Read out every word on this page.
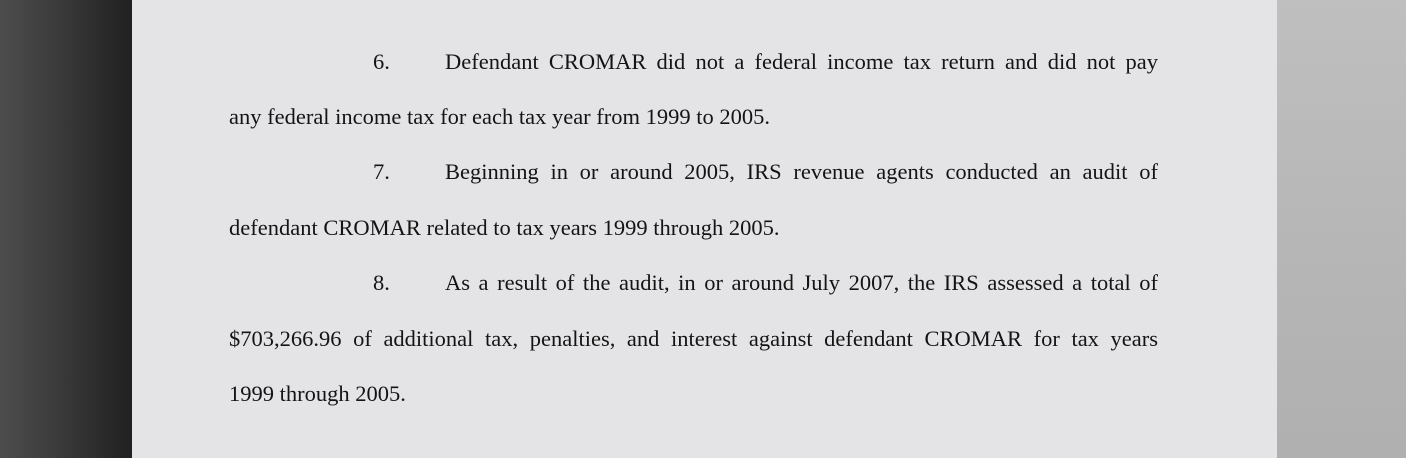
6. Defendant CROMAR did not a federal income tax return and did not pay
any federal income tax for each tax year from 1999 to 2005.
7. Beginning in or around 2005, IRS revenue agents conducted an audit of
defendant CROMAR related to tax years 1999 through 2005.
8. As a result of the audit, in or around July 2007, the IRS assessed a total of
$703,266.96 of additional tax, penalties, and interest against defendant CROMAR for tax years
1999 through 2005.
